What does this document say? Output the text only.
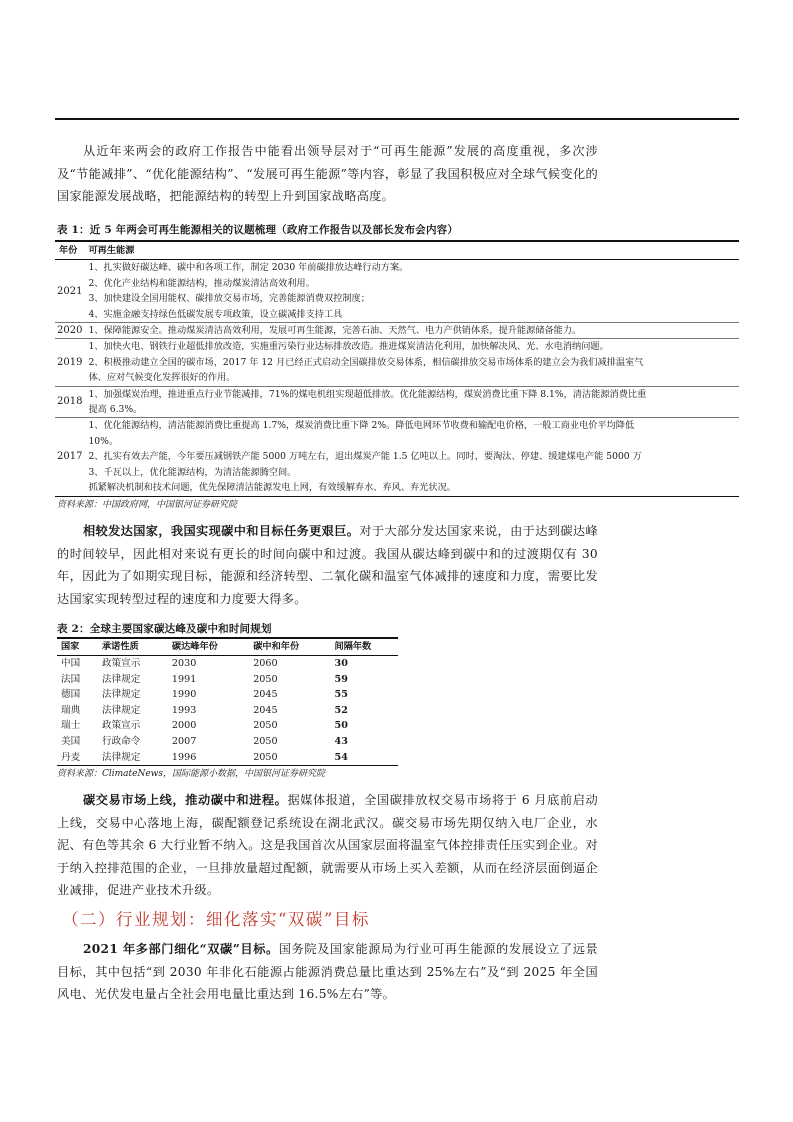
从近年来两会的政府工作报告中能看出领导层对于“可再生能源”发展的高度重视，多次涉及“节能减排”、“优化能源结构”、“发展可再生能源”等内容，彰显了我国积极应对全球气候变化的国家能源发展战略，把能源结构的转型上升到国家战略高度。

表 1：近 5 年两会可再生能源相关的议题梳理（政府工作报告以及部长发布会内容）
年份	可再生能源
2021	1、扎实做好碳达峰、碳中和各项工作，制定 2030 年前碳排放达峰行动方案。
2、优化产业结构和能源结构，推动煤炭清洁高效利用。
3、加快建设全国用能权、碳排放交易市场，完善能源消费双控制度；
4、实施金融支持绿色低碳发展专项政策，设立碳减排支持工具

2020	1、保障能源安全。推动煤炭清洁高效利用，发展可再生能源，完善石油、天然气、电力产供销体系，提升能源储备能力。

2019	1、加快火电、钢铁行业超低排放改造，实施重污染行业达标排放改造。推进煤炭清洁化利用，加快解决风、光、水电消纳问题。
2、积极推动建立全国的碳市场，2017 年 12 月已经正式启动全国碳排放交易体系，相信碳排放交易市场体系的建立会为我们减排温室气
体、应对气候变化发挥很好的作用。

2018	1、加强煤炭治理，推进重点行业节能减排，71%的煤电机组实现超低排放。优化能源结构，煤炭消费比重下降 8.1%，清洁能源消费比重
提高 6.3%。

2017	1、优化能源结构，清洁能源消费比重提高 1.7%，煤炭消费比重下降 2%。降低电网环节收费和输配电价格，一般工商业电价平均降低
10%。
2、扎实有效去产能，今年要压减钢铁产能 5000 万吨左右，退出煤炭产能 1.5 亿吨以上。同时，要淘汰、停建、缓建煤电产能 5000 万
3、千瓦以上，优化能源结构，为清洁能源腾空间。
抓紧解决机制和技术问题，优先保障清洁能源发电上网，有效缓解弃水、弃风、弃光状况。
资料来源：中国政府网，中国银河证券研究院

相较发达国家，我国实现碳中和目标任务更艰巨。对于大部分发达国家来说，由于达到碳达峰的时间较早，因此相对来说有更长的时间向碳中和过渡。我国从碳达峰到碳中和的过渡期仅有 30 年，因此为了如期实现目标，能源和经济转型、二氧化碳和温室气体减排的速度和力度，需要比发达国家实现转型过程的速度和力度要大得多。

表 2：全球主要国家碳达峰及碳中和时间规划
国家	承诺性质	碳达峰年份	碳中和年份	间隔年数
中国	政策宣示	2030	2060	30
法国	法律规定	1991	2050	59
德国	法律规定	1990	2045	55
瑞典	法律规定	1993	2045	52
瑞士	政策宣示	2000	2050	50
美国	行政命令	2007	2050	43
丹麦	法律规定	1996	2050	54
资料来源：ClimateNews，国际能源小数据，中国银河证券研究院

碳交易市场上线，推动碳中和进程。据媒体报道，全国碳排放权交易市场将于 6 月底前启动上线，交易中心落地上海，碳配额登记系统设在湖北武汉。碳交易市场先期仅纳入电厂企业，水泥、有色等其余 6 大行业暂不纳入。这是我国首次从国家层面将温室气体控排责任压实到企业。对于纳入控排范围的企业，一旦排放量超过配额，就需要从市场上买入差额，从而在经济层面倒逼企业减排，促进产业技术升级。

（二）行业规划：细化落实“双碳”目标

2021 年多部门细化“双碳”目标。国务院及国家能源局为行业可再生能源的发展设立了远景目标，其中包括“到 2030 年非化石能源占能源消费总量比重达到 25%左右”及“到 2025 年全国风电、光伏发电量占全社会用电量比重达到 16.5%左右”等。
